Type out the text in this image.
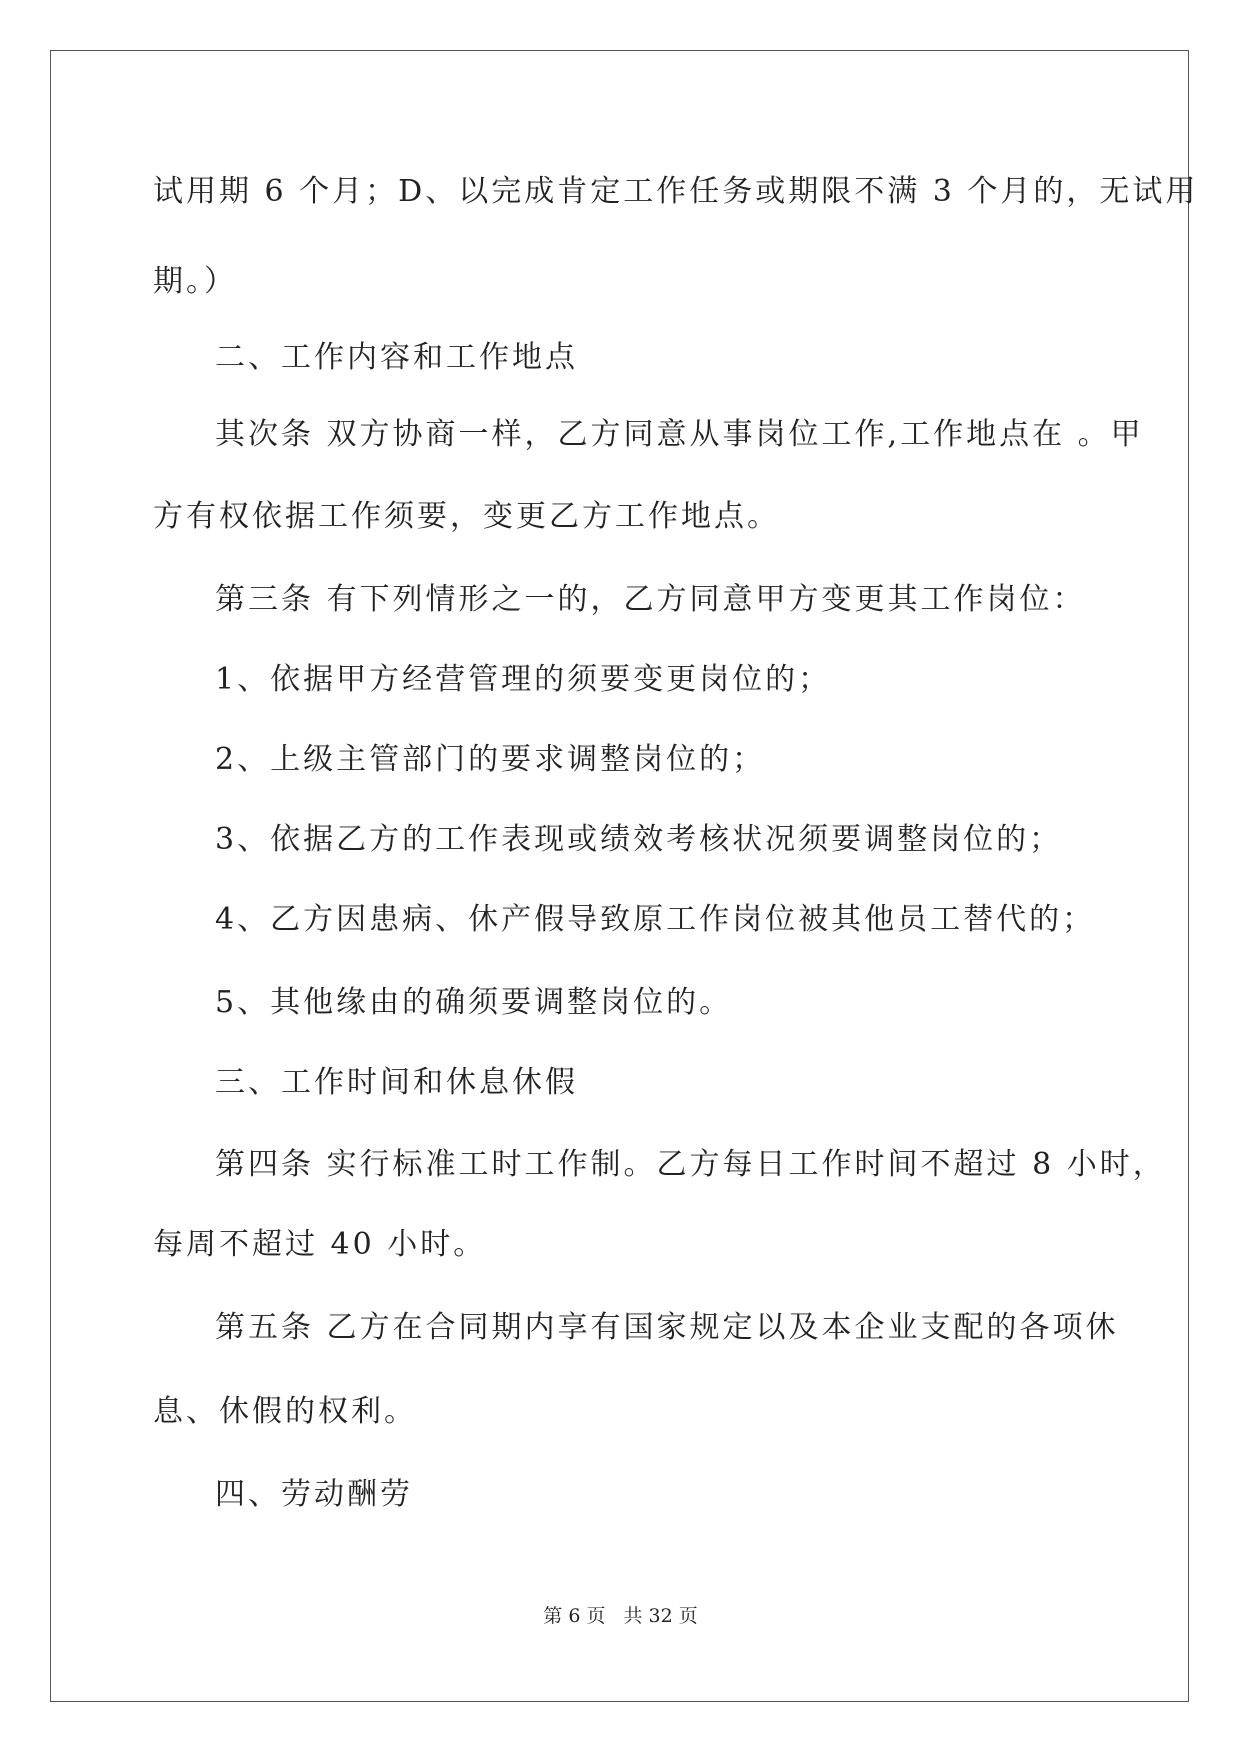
试用期 6 个月；D、以完成肯定工作任务或期限不满 3 个月的，无试用
期。）
二、工作内容和工作地点
其次条 双方协商一样，乙方同意从事岗位工作,工作地点在 。甲
方有权依据工作须要，变更乙方工作地点。
第三条 有下列情形之一的，乙方同意甲方变更其工作岗位：
1、依据甲方经营管理的须要变更岗位的；
2、上级主管部门的要求调整岗位的；
3、依据乙方的工作表现或绩效考核状况须要调整岗位的；
4、乙方因患病、休产假导致原工作岗位被其他员工替代的；
5、其他缘由的确须要调整岗位的。
三、工作时间和休息休假
第四条 实行标准工时工作制。乙方每日工作时间不超过 8 小时，
每周不超过 40 小时。
第五条 乙方在合同期内享有国家规定以及本企业支配的各项休
息、休假的权利。
四、劳动酬劳
第 6 页 共 32 页
